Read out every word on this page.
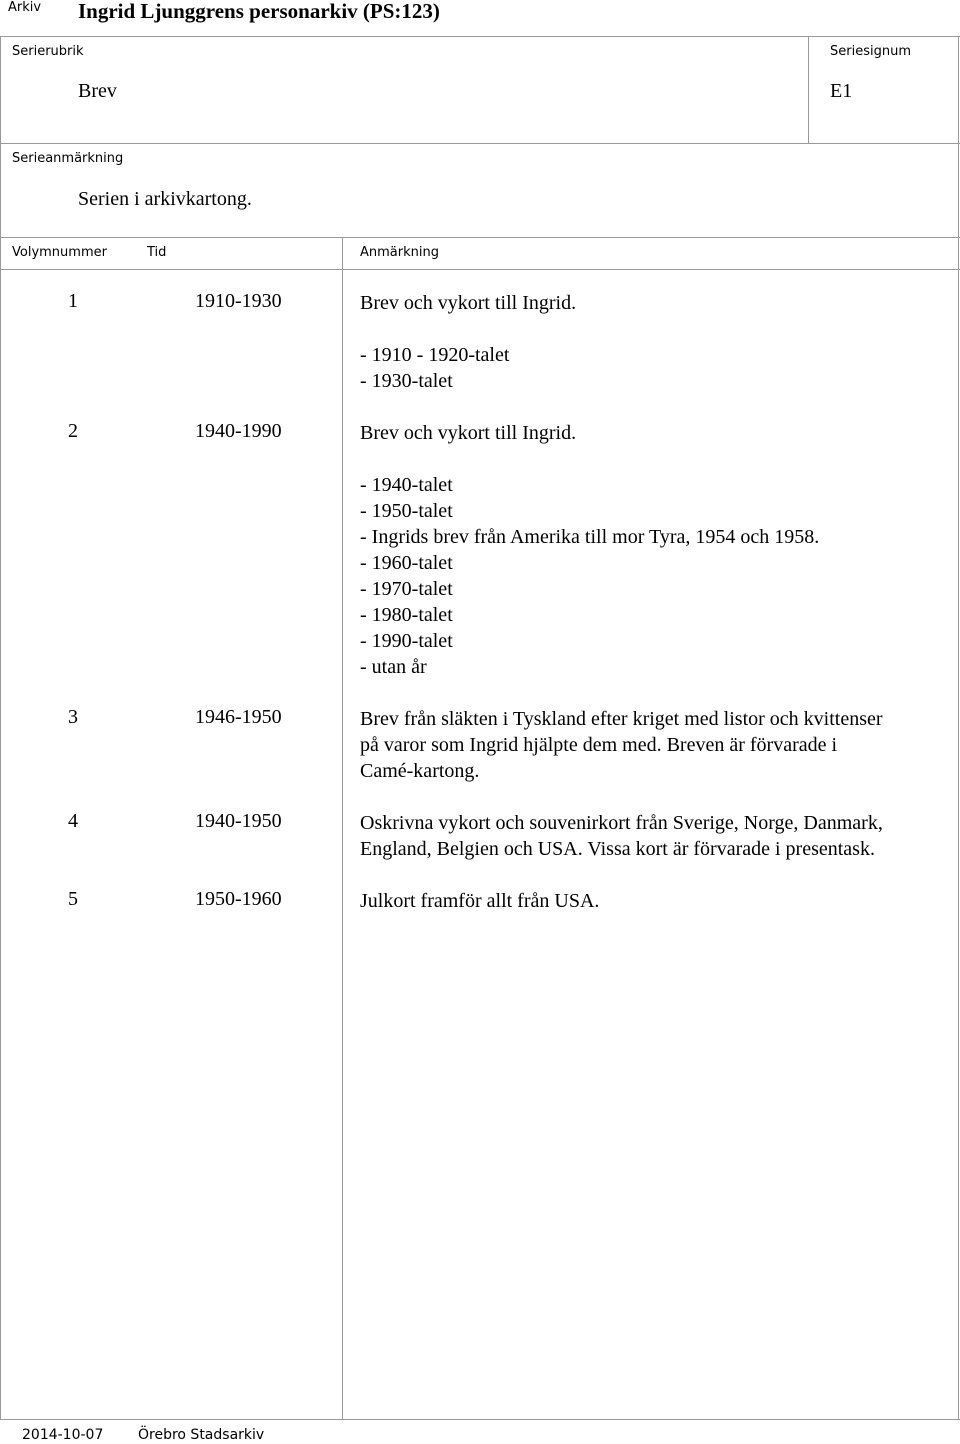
Arkiv Ingrid Ljunggrens personarkiv (PS:123)
Serierubrik
Brev
Seriesignum
E1
Serieanmärkning
Serien i arkivkartong.
Volymnummer	Tid	Anmärkning
1	1910-1930	Brev och vykort till Ingrid.
- 1910 - 1920-talet
- 1930-talet
2	1940-1990	Brev och vykort till Ingrid.
- 1940-talet
- 1950-talet
- Ingrids brev från Amerika till mor Tyra, 1954 och 1958.
- 1960-talet
- 1970-talet
- 1980-talet
- 1990-talet
- utan år
3	1946-1950	Brev från släkten i Tyskland efter kriget med listor och kvittenser
på varor som Ingrid hjälpte dem med. Breven är förvarade i
Camé-kartong.
4	1940-1950	Oskrivna vykort och souvenirkort från Sverige, Norge, Danmark,
England, Belgien och USA. Vissa kort är förvarade i presentask.
5	1950-1960	Julkort framför allt från USA.
2014-10-07 Örebro Stadsarkiv
